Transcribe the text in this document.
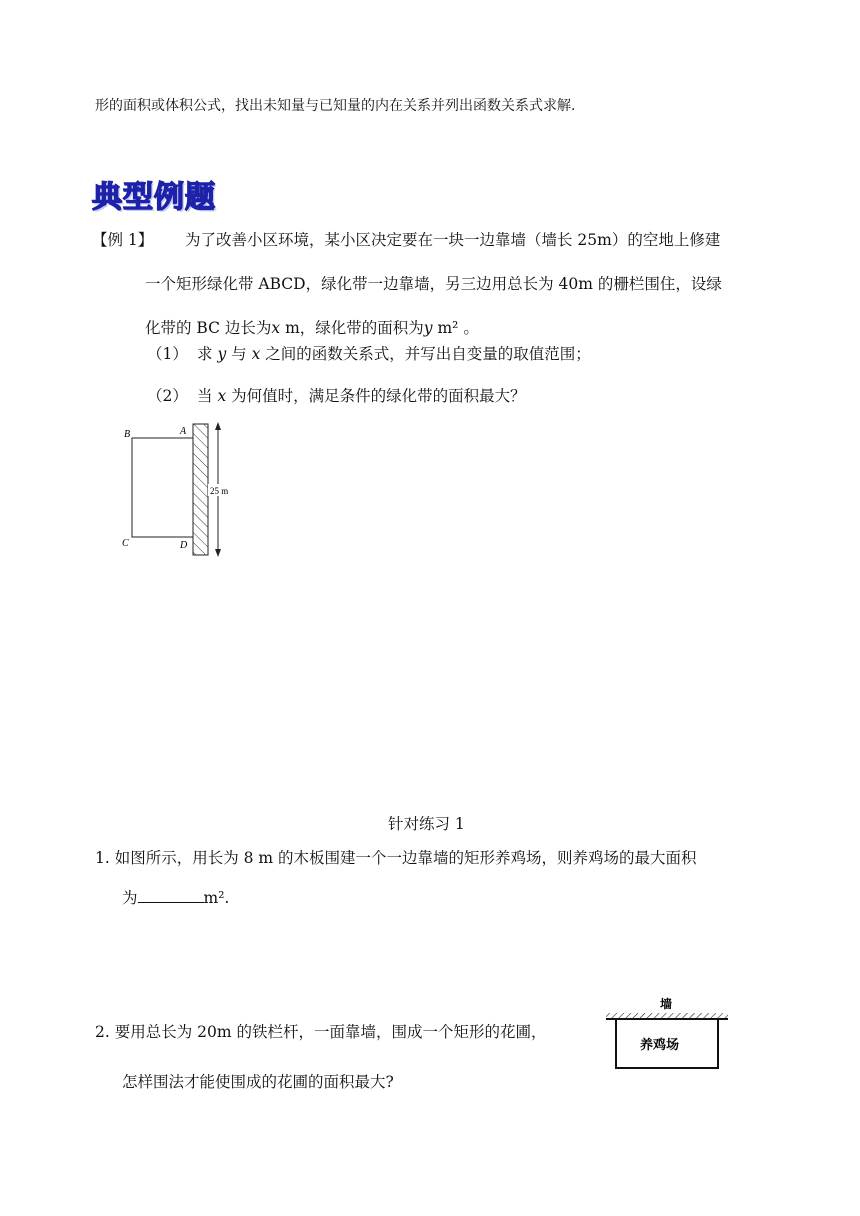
形的面积或体积公式，找出未知量与已知量的内在关系并列出函数关系式求解.
典型例题
【例 1】 为了改善小区环境，某小区决定要在一块一边靠墙（墙长 25m）的空地上修建
一个矩形绿化带 ABCD，绿化带一边靠墙，另三边用总长为 40m 的栅栏围住，设绿
化带的 BC 边长为x m，绿化带的面积为y m² 。
（1） 求 y 与 x 之间的函数关系式，并写出自变量的取值范围；
（2） 当 x 为何值时，满足条件的绿化带的面积最大？
B	A
C	D
25 m
针对练习 1
1. 如图所示，用长为 8 m 的木板围建一个一边靠墙的矩形养鸡场，则养鸡场的最大面积
为	m².
2. 要用总长为 20m 的铁栏杆，一面靠墙，围成一个矩形的花圃，
怎样围法才能使围成的花圃的面积最大?
墙
养鸡场
